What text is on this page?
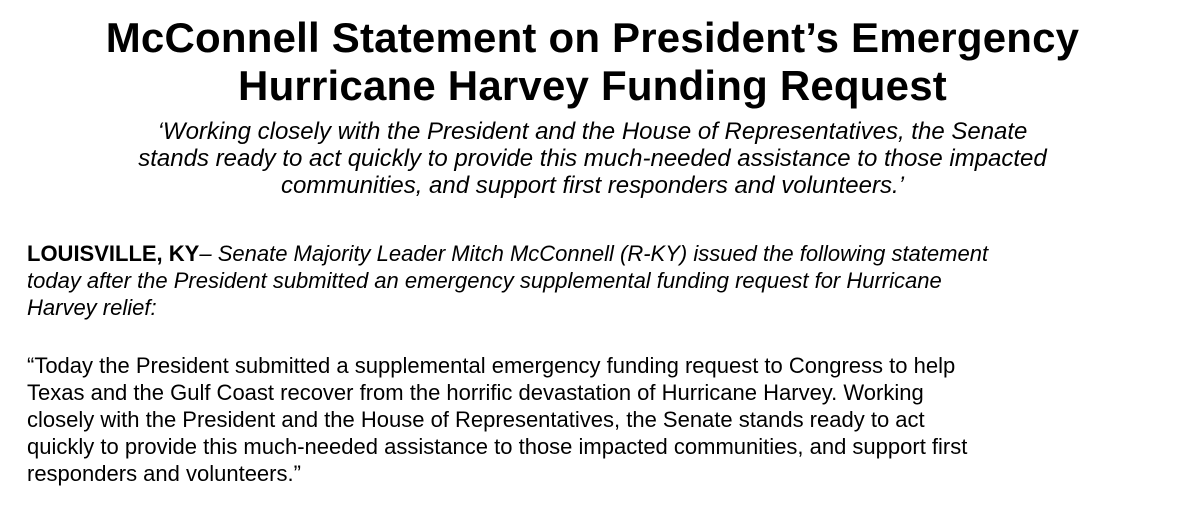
McConnell Statement on President’s Emergency
Hurricane Harvey Funding Request

‘Working closely with the President and the House of Representatives, the Senate
stands ready to act quickly to provide this much-needed assistance to those impacted
communities, and support first responders and volunteers.’

LOUISVILLE, KY– Senate Majority Leader Mitch McConnell (R-KY) issued the following statement
today after the President submitted an emergency supplemental funding request for Hurricane
Harvey relief:

“Today the President submitted a supplemental emergency funding request to Congress to help
Texas and the Gulf Coast recover from the horrific devastation of Hurricane Harvey. Working
closely with the President and the House of Representatives, the Senate stands ready to act
quickly to provide this much-needed assistance to those impacted communities, and support first
responders and volunteers.”
